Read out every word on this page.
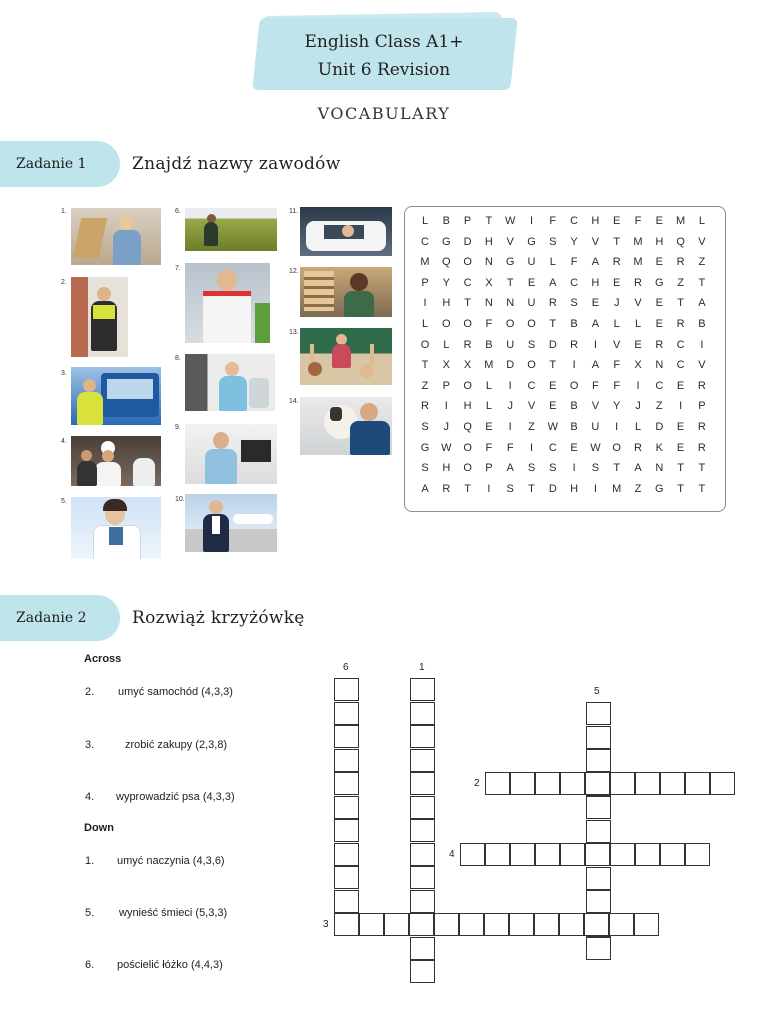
English Class A1+
Unit 6 Revision
VOCABULARY
Zadanie 1	Znajdź nazwy zawodów
1.
2.
3.
4.
5.
6.
7.
8.
9.
10.
11.
12.
13.
14.
L	B	P	T	W	I	F	C	H	E	F	E	M	L
C	G	D	H	V	G	S	Y	V	T	M	H	Q	V
M	Q	O	N	G	U	L	F	A	R	M	E	R	Z
P	Y	C	X	T	E	A	C	H	E	R	G	Z	T
I	H	T	N	N	U	R	S	E	J	V	E	T	A
L	O	O	F	O	O	T	B	A	L	L	E	R	B
O	L	R	B	U	S	D	R	I	V	E	R	C	I
T	X	X	M	D	O	T	I	A	F	X	N	C	V
Z	P	O	L	I	C	E	O	F	F	I	C	E	R
R	I	H	L	J	V	E	B	V	Y	J	Z	I	P
S	J	Q	E	I	Z	W	B	U	I	L	D	E	R
G	W	O	F	F	I	C	E	W	O	R	K	E	R
S	H	O	P	A	S	S	I	S	T	A	N	T	T
A	R	T	I	S	T	D	H	I	M	Z	G	T	T
Zadanie 2	Rozwiąż krzyżówkę
Across
2. umyć samochód (4,3,3)
3.	zrobić zakupy (2,3,8)
4. wyprowadzić psa (4,3,3)
Down
1. umyć naczynia (4,3,6)
5. wynieść śmieci (5,3,3)
6. pościelić łóżko (4,4,3)
6	1
5
2
4
3
